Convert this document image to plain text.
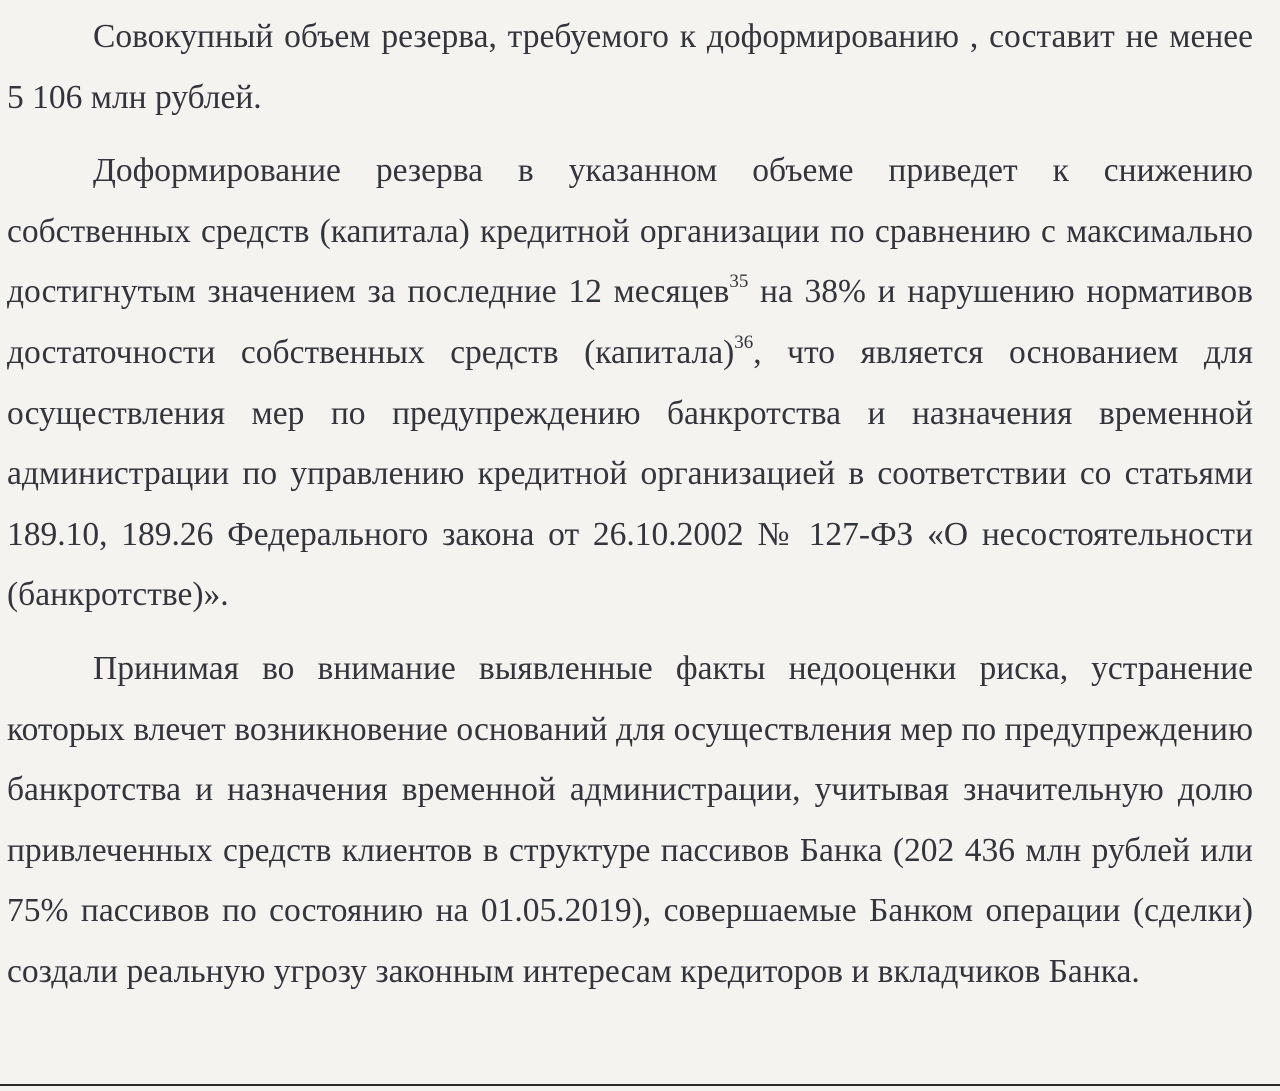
Совокупный объем резерва, требуемого к доформированию , составит не менее 5 106 млн рублей.

Доформирование резерва в указанном объеме приведет к снижению собственных средств (капитала) кредитной организации по сравнению с максимально достигнутым значением за последние 12 месяцев$^{35}$ на 38% и нарушению нормативов достаточности собственных средств (капитала)$^{36}$, что является основанием для осуществления мер по предупреждению банкротства и назначения временной администрации по управлению кредитной организацией в соответствии со статьями 189.10, 189.26 Федерального закона от 26.10.2002 № 127-ФЗ «О несостоятельности (банкротстве)».

Принимая во внимание выявленные факты недооценки риска, устранение которых влечет возникновение оснований для осуществления мер по предупреждению банкротства и назначения временной администрации, учитывая значительную долю привлеченных средств клиентов в структуре пассивов Банка (202 436 млн рублей или 75% пассивов по состоянию на 01.05.2019), совершаемые Банком операции (сделки) создали реальную угрозу законным интересам кредиторов и вкладчиков Банка.
